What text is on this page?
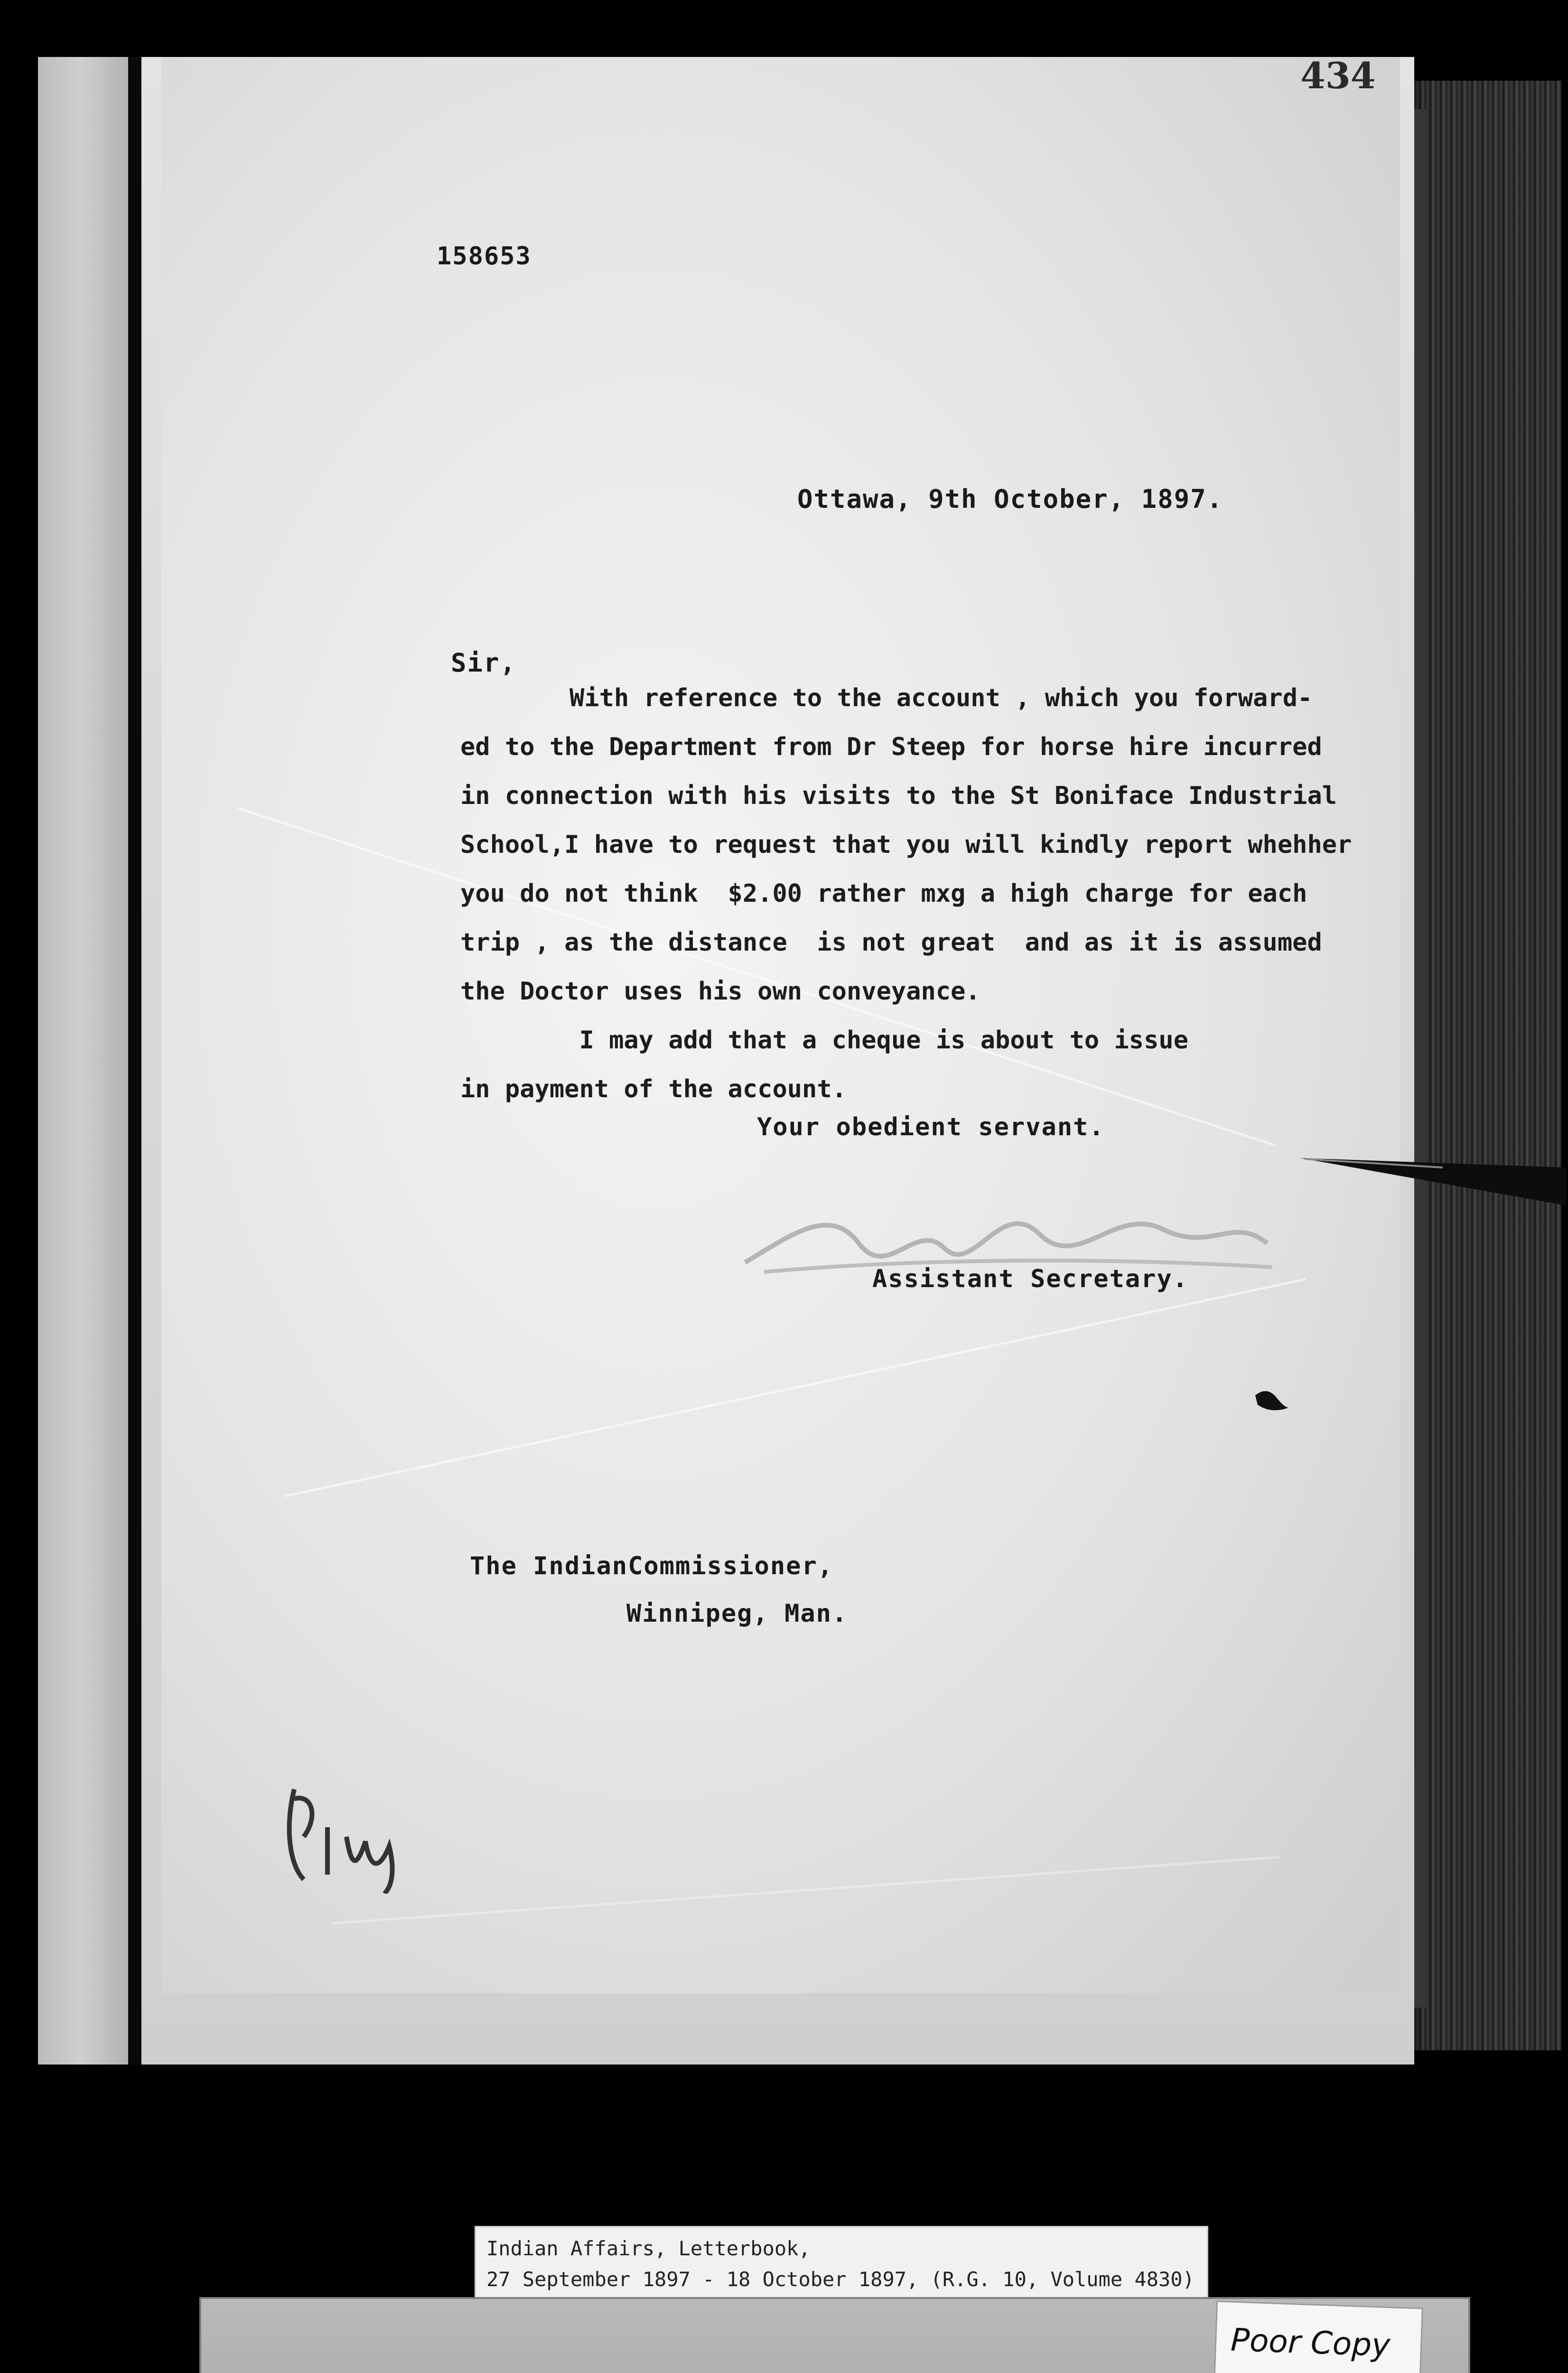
434
158653
Ottawa, 9th October, 1897.
Sir,
With reference to the account , which you forward-
ed to the Department from Dr Steep for horse hire incurred
in connection with his visits to the St Boniface Industrial
School,I have to request that you will kindly report whehher
you do not think  $2.00 rather mxg a high charge for each
trip , as the distance  is not great  and as it is assumed
the Doctor uses his own conveyance.
I may add that a cheque is about to issue
in payment of the account.
Your obedient servant.
Assistant Secretary.
The IndianCommissioner,
Winnipeg, Man.
Indian Affairs, Letterbook,
27 September 1897 - 18 October 1897, (R.G. 10, Volume 4830)
Poor Copy
